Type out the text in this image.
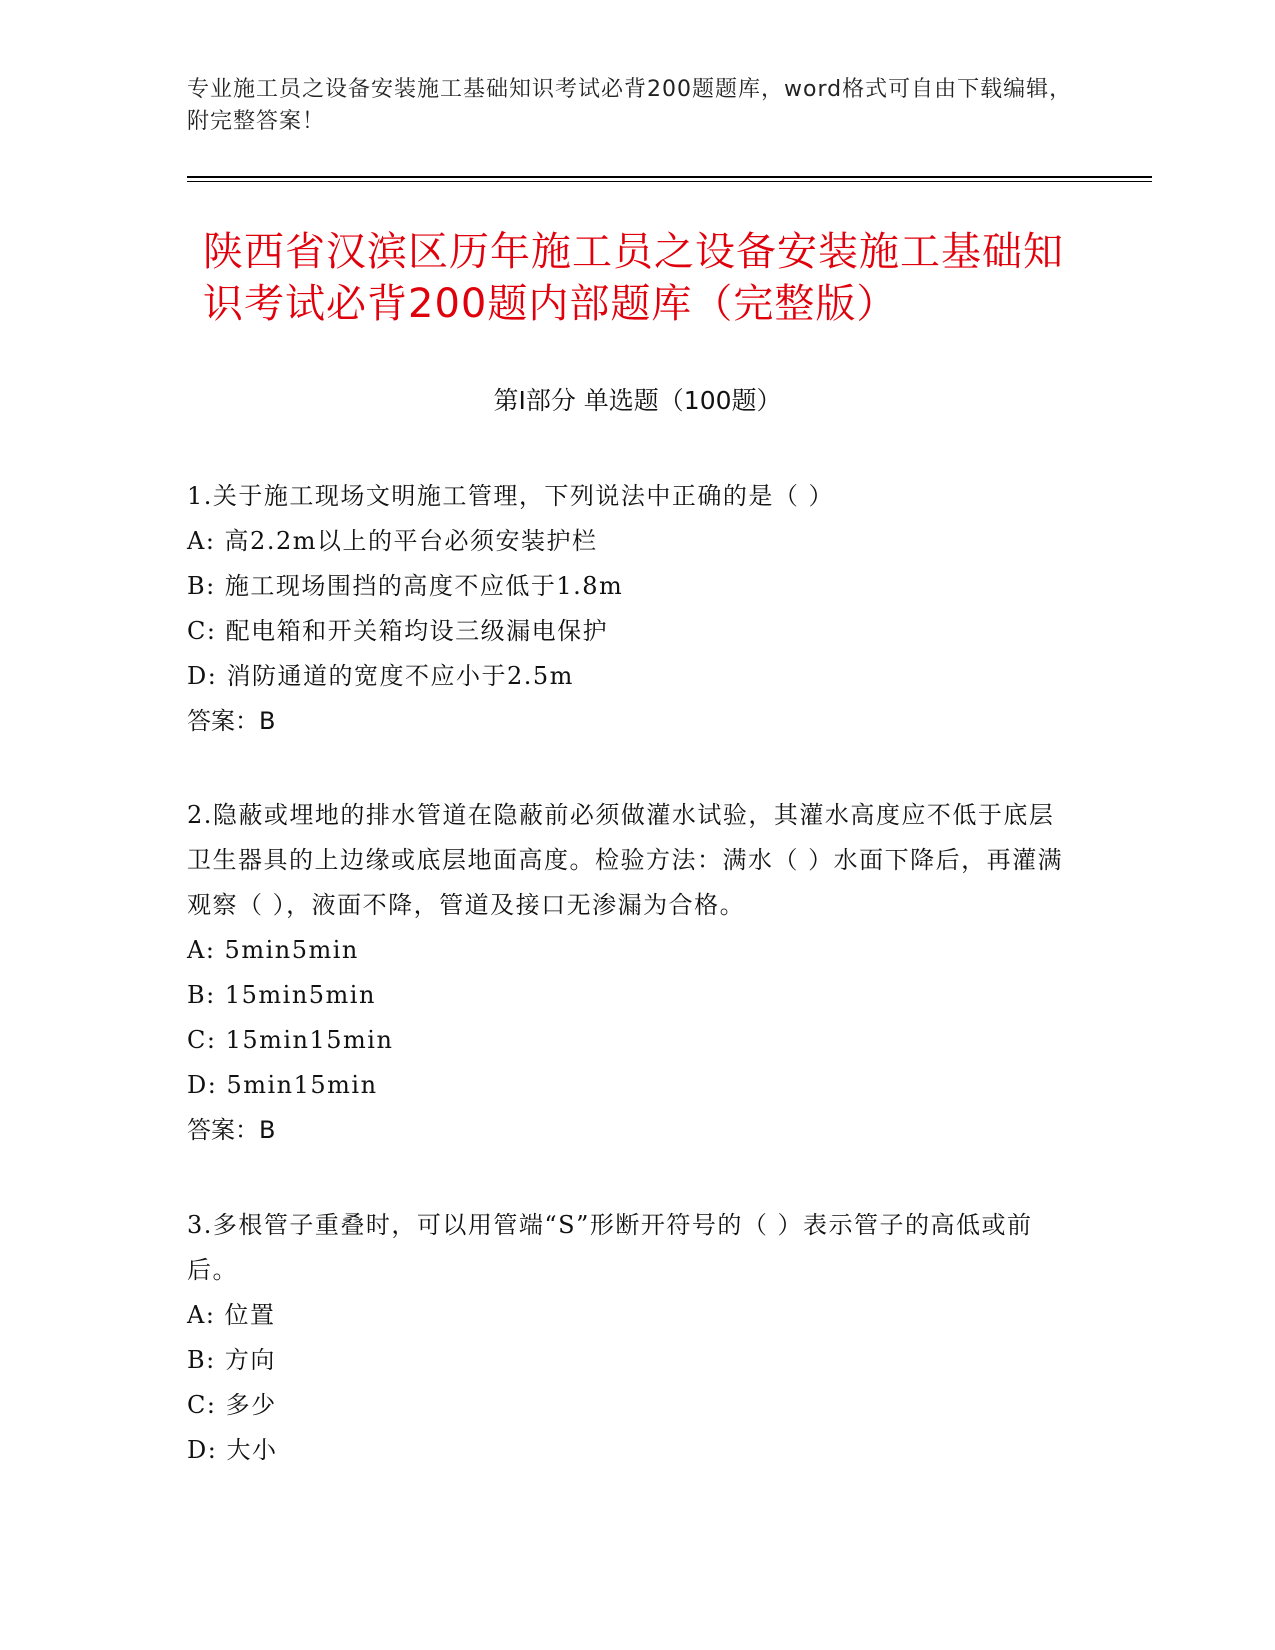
专业施工员之设备安装施工基础知识考试必背200题题库，word格式可自由下载编辑，附完整答案！
陕西省汉滨区历年施工员之设备安装施工基础知识考试必背200题内部题库（完整版）
第I部分 单选题（100题）
1.关于施工现场文明施工管理，下列说法中正确的是（ ）
A: 高2.2m以上的平台必须安装护栏
B: 施工现场围挡的高度不应低于1.8m
C: 配电箱和开关箱均设三级漏电保护
D: 消防通道的宽度不应小于2.5m
答案：B
2.隐蔽或埋地的排水管道在隐蔽前必须做灌水试验，其灌水高度应不低于底层卫生器具的上边缘或底层地面高度。检验方法：满水（ ）水面下降后，再灌满观察（ ），液面不降，管道及接口无渗漏为合格。
A: 5min5min
B: 15min5min
C: 15min15min
D: 5min15min
答案：B
3.多根管子重叠时，可以用管端“S”形断开符号的（ ）表示管子的高低或前后。
A: 位置
B: 方向
C: 多少
D: 大小
